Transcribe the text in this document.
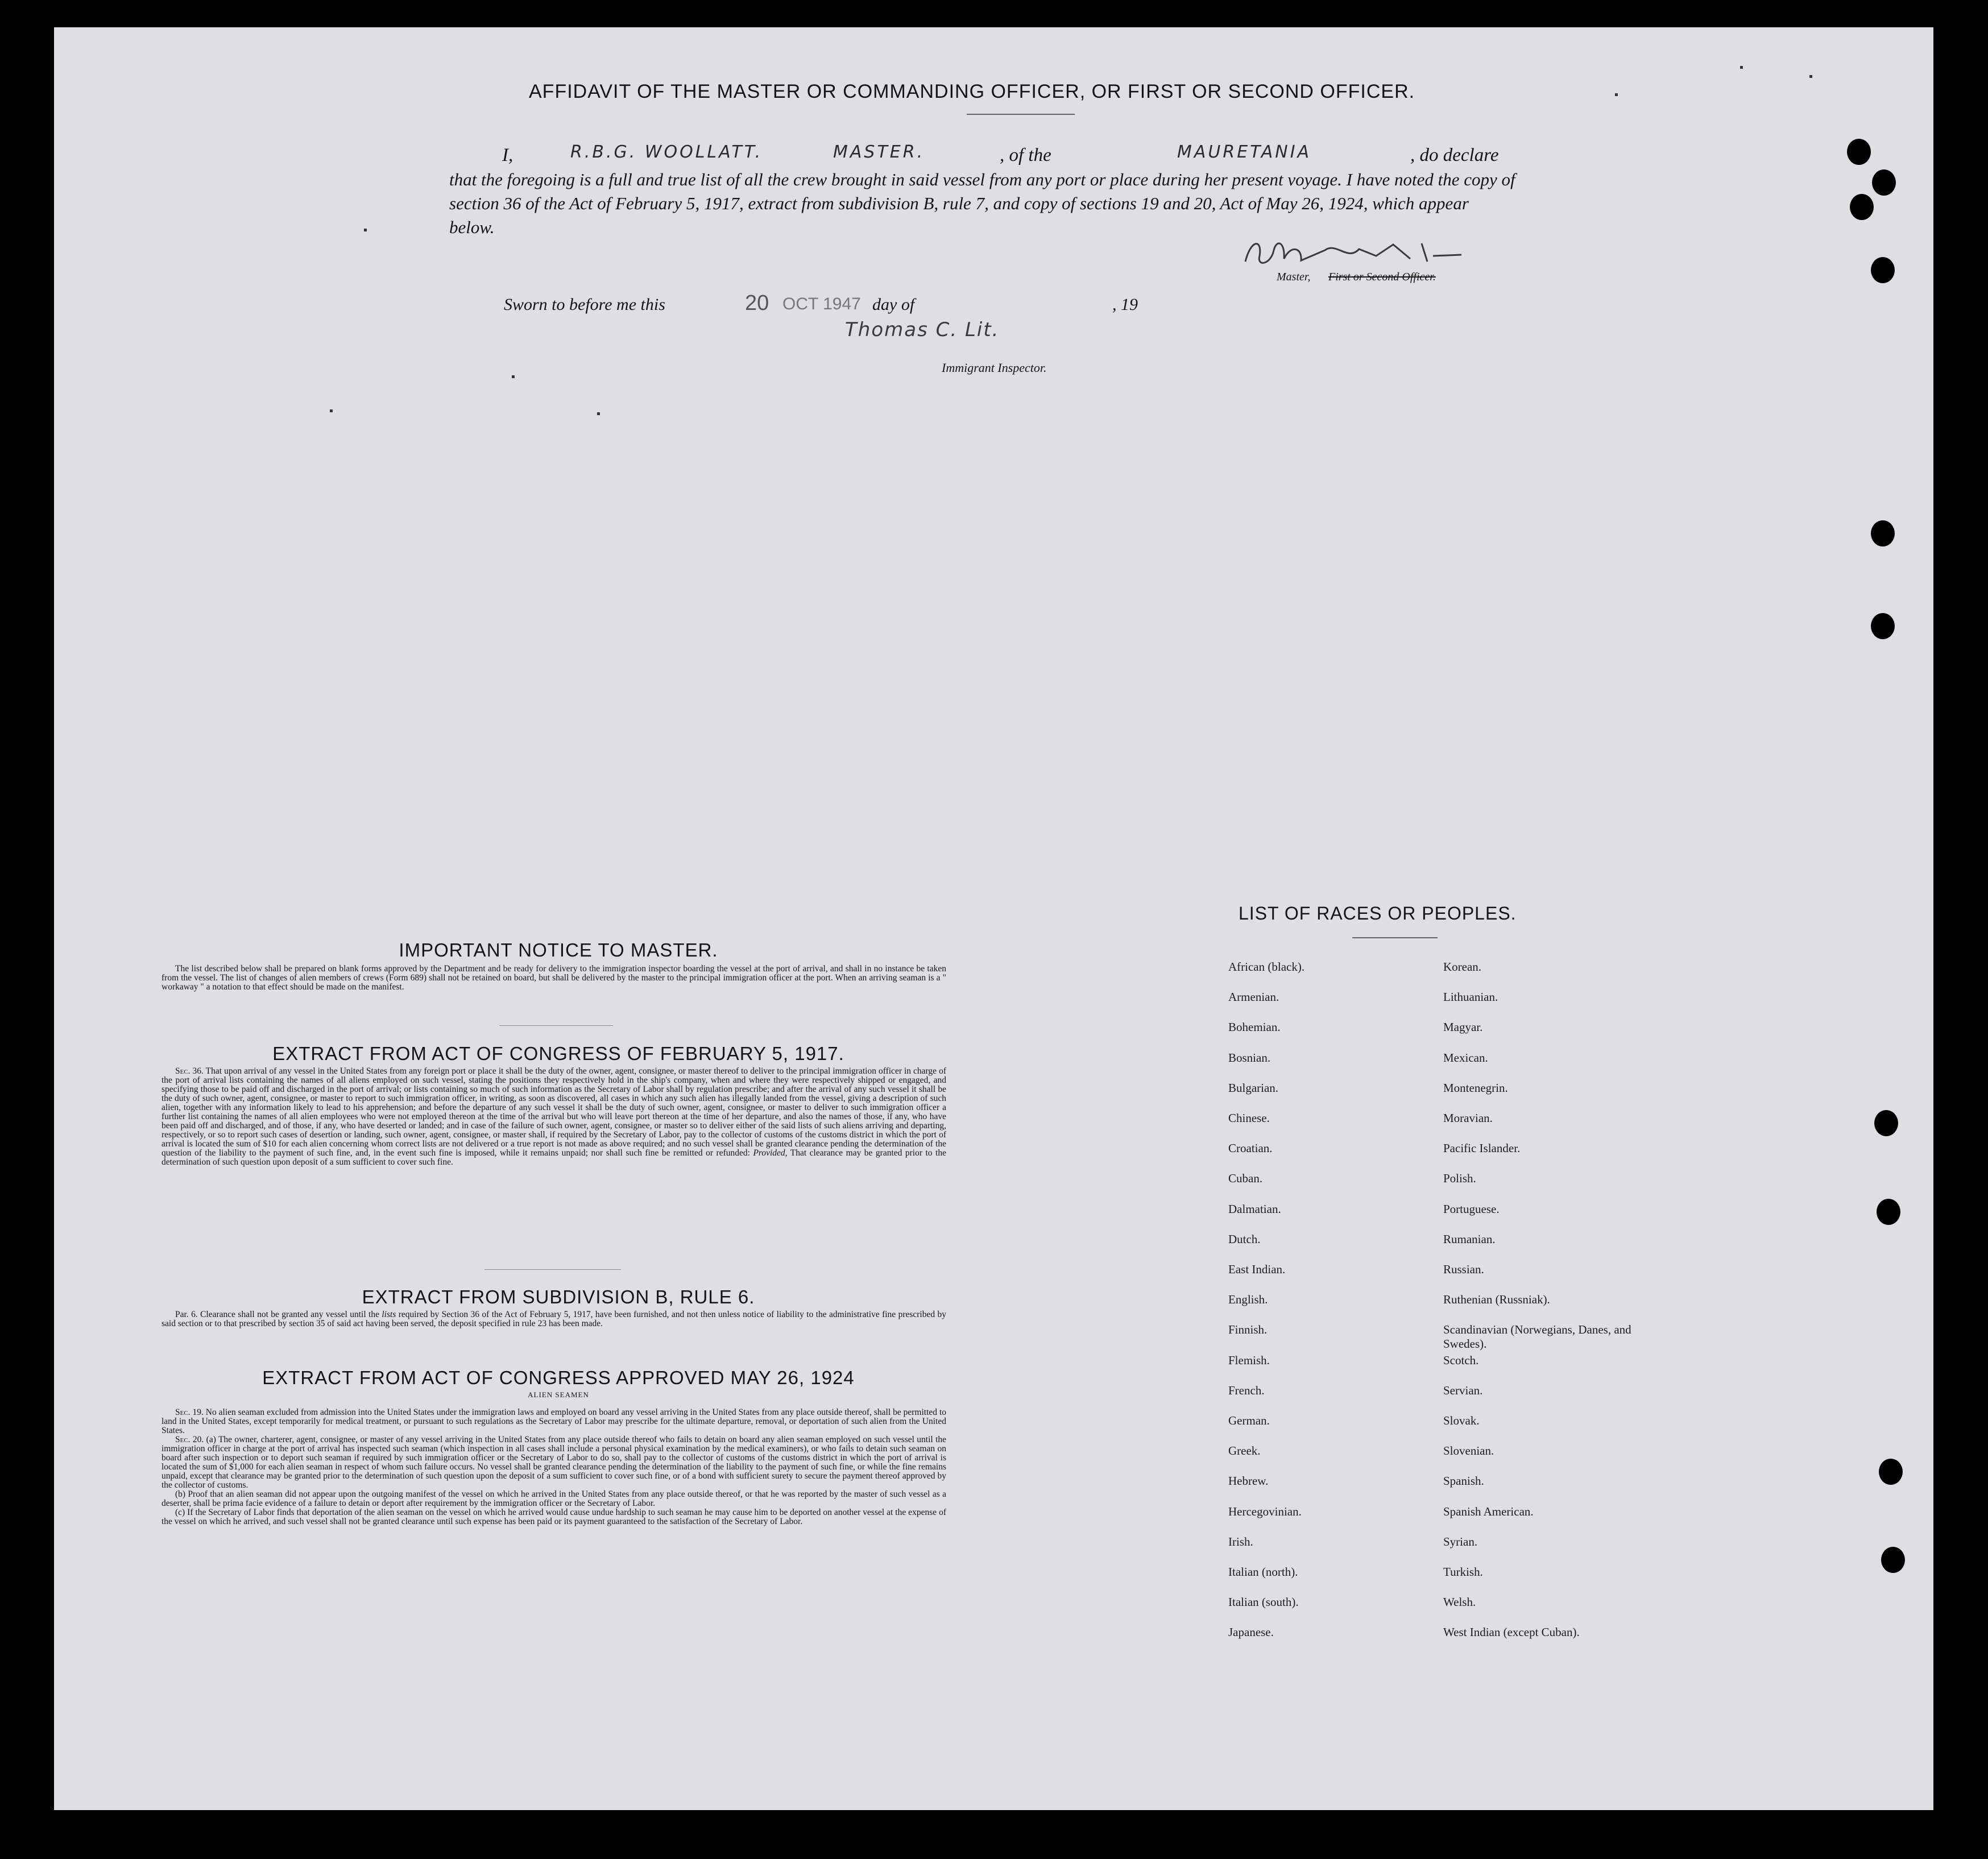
AFFIDAVIT OF THE MASTER OR COMMANDING OFFICER, OR FIRST OR SECOND OFFICER.
I,	R.B.G. WOOLLATT.	MASTER.	, of the	MAURETANIA	, do declare
that the foregoing is a full and true list of all the crew brought in said vessel from any port or place during her present voyage. I have noted the copy of section 36 of the Act of February 5, 1917, extract from subdivision B, rule 7, and copy of sections 19 and 20, Act of May 26, 1924, which appear below.
Master, First or Second Officer.
Sworn to before me this	20 OCT 1947 day of	, 19
Thomas C. Lit.
Immigrant Inspector.
IMPORTANT NOTICE TO MASTER.

The list described below shall be prepared on blank forms approved by the Department and be ready for delivery to the immigration inspector boarding the vessel at the port of arrival, and shall in no instance be taken from the vessel. The list of changes of alien members of crews (Form 689) shall not be retained on board, but shall be delivered by the master to the principal immigration officer at the port. When an arriving seaman is a " workaway " a notation to that effect should be made on the manifest.

EXTRACT FROM ACT OF CONGRESS OF FEBRUARY 5, 1917.

Sec. 36. That upon arrival of any vessel in the United States from any foreign port or place it shall be the duty of the owner, agent, consignee, or master thereof to deliver to the principal immigration officer in charge of the port of arrival lists containing the names of all aliens employed on such vessel, stating the positions they respectively hold in the ship's company, when and where they were respectively shipped or engaged, and specifying those to be paid off and discharged in the port of arrival; or lists containing so much of such information as the Secretary of Labor shall by regulation prescribe; and after the arrival of any such vessel it shall be the duty of such owner, agent, consignee, or master to report to such immigration officer, in writing, as soon as discovered, all cases in which any such alien has illegally landed from the vessel, giving a description of such alien, together with any information likely to lead to his apprehension; and before the departure of any such vessel it shall be the duty of such owner, agent, consignee, or master to deliver to such immigration officer a further list containing the names of all alien employees who were not employed thereon at the time of the arrival but who will leave port thereon at the time of her departure, and also the names of those, if any, who have been paid off and discharged, and of those, if any, who have deserted or landed; and in case of the failure of such owner, agent, consignee, or master so to deliver either of the said lists of such aliens arriving and departing, respectively, or so to report such cases of desertion or landing, such owner, agent, consignee, or master shall, if required by the Secretary of Labor, pay to the collector of customs of the customs district in which the port of arrival is located the sum of $10 for each alien concerning whom correct lists are not delivered or a true report is not made as above required; and no such vessel shall be granted clearance pending the determination of the question of the liability to the payment of such fine, and, in the event such fine is imposed, while it remains unpaid; nor shall such fine be remitted or refunded: Provided, That clearance may be granted prior to the determination of such question upon deposit of a sum sufficient to cover such fine.

EXTRACT FROM SUBDIVISION B, RULE 6.

Par. 6. Clearance shall not be granted any vessel until the lists required by Section 36 of the Act of February 5, 1917, have been furnished, and not then unless notice of liability to the administrative fine prescribed by said section or to that prescribed by section 35 of said act having been served, the deposit specified in rule 23 has been made.

EXTRACT FROM ACT OF CONGRESS APPROVED MAY 26, 1924
ALIEN SEAMEN

Sec. 19. No alien seaman excluded from admission into the United States under the immigration laws and employed on board any vessel arriving in the United States from any place outside thereof, shall be permitted to land in the United States, except temporarily for medical treatment, or pursuant to such regulations as the Secretary of Labor may prescribe for the ultimate departure, removal, or deportation of such alien from the United States.

Sec. 20. (a) The owner, charterer, agent, consignee, or master of any vessel arriving in the United States from any place outside thereof who fails to detain on board any alien seaman employed on such vessel until the immigration officer in charge at the port of arrival has inspected such seaman (which inspection in all cases shall include a personal physical examination by the medical examiners), or who fails to detain such seaman on board after such inspection or to deport such seaman if required by such immigration officer or the Secretary of Labor to do so, shall pay to the collector of customs of the customs district in which the port of arrival is located the sum of $1,000 for each alien seaman in respect of whom such failure occurs. No vessel shall be granted clearance pending the determination of the liability to the payment of such fine, or while the fine remains unpaid, except that clearance may be granted prior to the determination of such question upon the deposit of a sum sufficient to cover such fine, or of a bond with sufficient surety to secure the payment thereof approved by the collector of customs.

(b) Proof that an alien seaman did not appear upon the outgoing manifest of the vessel on which he arrived in the United States from any place outside thereof, or that he was reported by the master of such vessel as a deserter, shall be prima facie evidence of a failure to detain or deport after requirement by the immigration officer or the Secretary of Labor.

(c) If the Secretary of Labor finds that deportation of the alien seaman on the vessel on which he arrived would cause undue hardship to such seaman he may cause him to be deported on another vessel at the expense of the vessel on which he arrived, and such vessel shall not be granted clearance until such expense has been paid or its payment guaranteed to the satisfaction of the Secretary of Labor.

LIST OF RACES OR PEOPLES.
African (black).
Armenian.
Bohemian.
Bosnian.
Bulgarian.
Chinese.
Croatian.
Cuban.
Dalmatian.
Dutch.
East Indian.
English.
Finnish.
Flemish.
French.
German.
Greek.
Hebrew.
Hercegovinian.
Irish.
Italian (north).
Italian (south).
Japanese.
Korean.
Lithuanian.
Magyar.
Mexican.
Montenegrin.
Moravian.
Pacific Islander.
Polish.
Portuguese.
Rumanian.
Russian.
Ruthenian (Russniak).
Scandinavian (Norwegians, Danes, and Swedes).
Scotch.
Servian.
Slovak.
Slovenian.
Spanish.
Spanish American.
Syrian.
Turkish.
Welsh.
West Indian (except Cuban).
